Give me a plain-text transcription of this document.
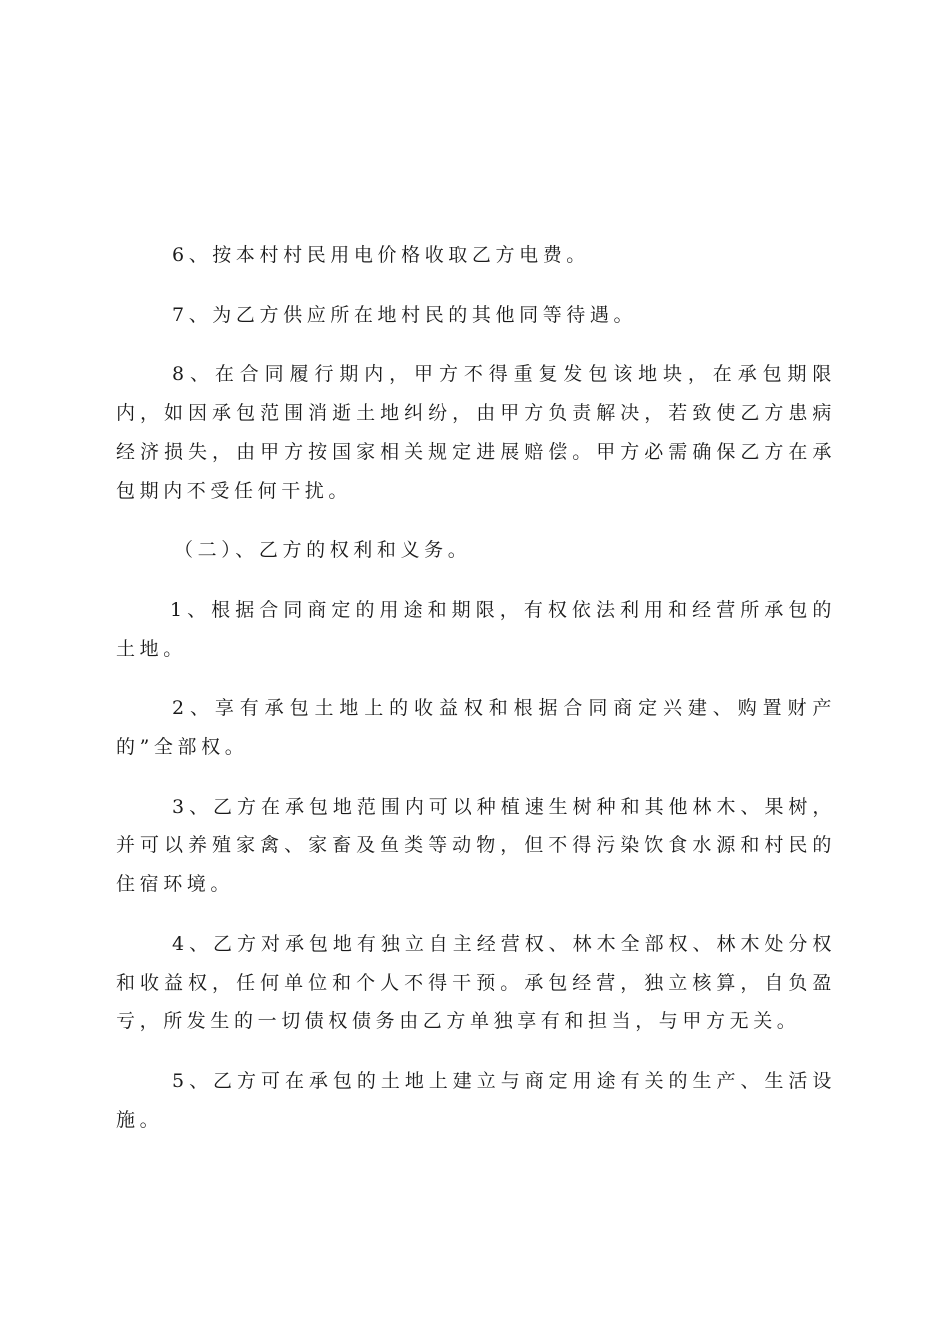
6、按本村村民用电价格收取乙方电费。

7、为乙方供应所在地村民的其他同等待遇。

8、在合同履行期内，甲方不得重复发包该地块，在承包期限内，如因承包范围消逝土地纠纷，由甲方负责解决，若致使乙方患病经济损失，由甲方按国家相关规定进展赔偿。甲方必需确保乙方在承包期内不受任何干扰。

（二）、乙方的权利和义务。

1、根据合同商定的用途和期限，有权依法利用和经营所承包的土地。

2、享有承包土地上的收益权和根据合同商定兴建、购置财产的”全部权。

3、乙方在承包地范围内可以种植速生树种和其他林木、果树，并可以养殖家禽、家畜及鱼类等动物，但不得污染饮食水源和村民的住宿环境。

4、乙方对承包地有独立自主经营权、林木全部权、林木处分权和收益权，任何单位和个人不得干预。承包经营，独立核算，自负盈亏，所发生的一切债权债务由乙方单独享有和担当，与甲方无关。

5、乙方可在承包的土地上建立与商定用途有关的生产、生活设施。
